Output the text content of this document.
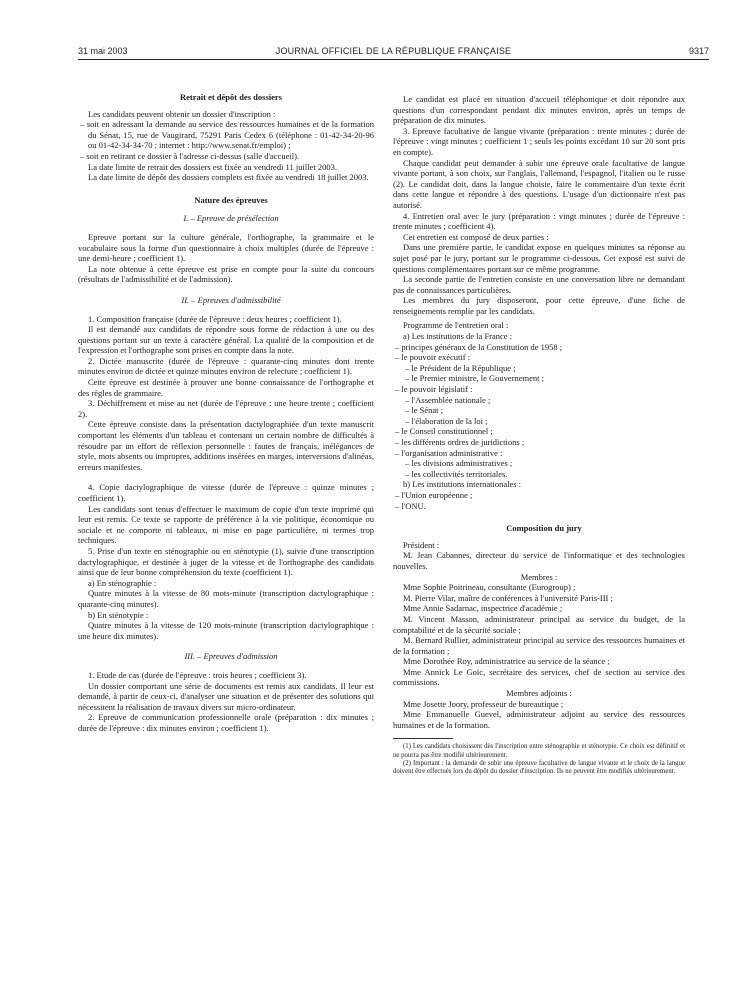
31 mai 2003	JOURNAL OFFICIEL DE LA RÉPUBLIQUE FRANÇAISE	9317

Retrait et dépôt des dossiers

Les candidats peuvent obtenir un dossier d'inscription :

– soit en adressant la demande au service des ressources humaines et de la formation du Sénat, 15, rue de Vaugirard, 75291 Paris Cedex 6 (téléphone : 01-42-34-20-96 ou 01-42-34-34-70 ; internet : http://www.senat.fr/emploi) ;
– soit en retirant ce dossier à l'adresse ci-dessus (salle d'accueil).

La date limite de retrait des dossiers est fixée au vendredi 11 juillet 2003.

La date limite de dépôt des dossiers complets est fixée au vendredi 18 juillet 2003.

Nature des épreuves

I. – Epreuve de présélection

Epreuve portant sur la culture générale, l'orthographe, la grammaire et le vocabulaire sous la forme d'un questionnaire à choix multiples (durée de l'épreuve : une demi-heure ; coefficient 1).

La note obtenue à cette épreuve est prise en compte pour la suite du concours (résultats de l'admissibilité et de l'admission).

II. – Epreuves d'admissibilité

1. Composition française (durée de l'épreuve : deux heures ; coefficient 1).

Il est demandé aux candidats de répondre sous forme de rédaction à une ou des questions portant sur un texte à caractère général. La qualité de la composition et de l'expression et l'orthographe sont prises en compte dans la note.

2. Dictée manuscrite (durée de l'épreuve : quarante-cinq minutes dont trente minutes environ de dictée et quinze minutes environ de relecture ; coefficient 1).

Cette épreuve est destinée à prouver une bonne connaissance de l'orthographe et des règles de grammaire.

3. Déchiffrement et mise au net (durée de l'épreuve : une heure trente ; coefficient 2).

Cette épreuve consiste dans la présentation dactylographiée d'un texte manuscrit comportant les éléments d'un tableau et contenant un certain nombre de difficultés à résoudre par un effort de réflexion personnelle : fautes de français, inélégances de style, mots absents ou impropres, additions insérées en marges, interversions d'alinéas, erreurs manifestes.

4. Copie dactylographique de vitesse (durée de l'épreuve : quinze minutes ; coefficient 1).

Les candidats sont tenus d'effectuer le maximum de copie d'un texte imprimé qui leur est remis. Ce texte se rapporte de préférence à la vie politique, économique ou sociale et ne comporte ni tableaux, ni mise en page particulière, ni termes trop techniques.

5. Prise d'un texte en sténographie ou en sténotypie (1), suivie d'une transcription dactylographique, et destinée à juger de la vitesse et de l'orthographe des candidats ainsi que de leur bonne compréhension du texte (coefficient 1).

a) En sténographie :

Quatre minutes à la vitesse de 80 mots-minute (transcription dactylographique : quarante-cinq minutes).

b) En sténotypie :

Quatre minutes à la vitesse de 120 mots-minute (transcription dactylographique : une heure dix minutes).

III. – Epreuves d'admission

1. Etude de cas (durée de l'épreuve : trois heures ; coefficient 3).

Un dossier comportant une série de documents est remis aux candidats. Il leur est demandé, à partir de ceux-ci, d'analyser une situation et de présenter des solutions qui nécessitent la réalisation de travaux divers sur micro-ordinateur.

2. Epreuve de communication professionnelle orale (préparation : dix minutes ; durée de l'épreuve : dix minutes environ ; coefficient 1).

Le candidat est placé en situation d'accueil téléphonique et doit répondre aux questions d'un correspondant pendant dix minutes environ, après un temps de préparation de dix minutes.

3. Epreuve facultative de langue vivante (préparation : trente minutes ; durée de l'épreuve : vingt minutes ; coefficient 1 ; seuls les points excédant 10 sur 20 sont pris en compte).

Chaque candidat peut demander à subir une épreuve orale facultative de langue vivante portant, à son choix, sur l'anglais, l'allemand, l'espagnol, l'italien ou le russe (2). Le candidat doit, dans la langue choisie, faire le commentaire d'un texte écrit dans cette langue et répondre à des questions. L'usage d'un dictionnaire n'est pas autorisé.

4. Entretien oral avec le jury (préparation : vingt minutes ; durée de l'épreuve : trente minutes ; coefficient 4).

Cet entretien est composé de deux parties :

Dans une première partie, le candidat expose en quelques minutes sa réponse au sujet posé par le jury, portant sur le programme ci-dessous. Cet exposé est suivi de questions complémentaires portant sur ce même programme.

La seconde partie de l'entretien consiste en une conversation libre ne demandant pas de connaissances particulières.

Les membres du jury disposeront, pour cette épreuve, d'une fiche de renseignements remplie par les candidats.

Programme de l'entretien oral :

a) Les institutions de la France :

– principes généraux de la Constitution de 1958 ;
– le pouvoir exécutif :
– le Président de la République ;
– le Premier ministre, le Gouvernement ;
– le pouvoir législatif :
– l'Assemblée nationale ;
– le Sénat ;
– l'élaboration de la loi ;
– le Conseil constitutionnel ;
– les différents ordres de juridictions ;
– l'organisation administrative :
– les divisions administratives ;
– les collectivités territoriales.

b) Les institutions internationales :

– l'Union européenne ;
– l'ONU.

Composition du jury

Président :

M. Jean Cabannes, directeur du service de l'informatique et des technologies nouvelles.

Membres :

Mme Sophie Poitrineau, consultante (Eurogroup) ;

M. Pierre Vilar, maître de conférences à l'université Paris-III ;

Mme Annie Sadarnac, inspectrice d'académie ;

M. Vincent Masson, administrateur principal au service du budget, de la comptabilité et de la sécurité sociale ;

M. Bernard Rullier, administrateur principal au service des ressources humaines et de la formation ;

Mme Dorothée Roy, administratrice au service de la séance ;

Mme Annick Le Goïc, secrétaire des services, chef de section au service des commissions.

Membres adjoints :

Mme Josette Joory, professeur de bureautique ;

Mme Emmanuelle Guevel, administrateur adjoint au service des ressources humaines et de la formation.

(1) Les candidats choisissent dès l'inscription entre sténographie et sténotypie. Ce choix est définitif et ne pourra pas être modifié ultérieurement.

(2) Important : la demande de subir une épreuve facultative de langue vivante et le choix de la langue doivent être effectués lors du dépôt du dossier d'inscription. Ils ne peuvent être modifiés ultérieurement.
